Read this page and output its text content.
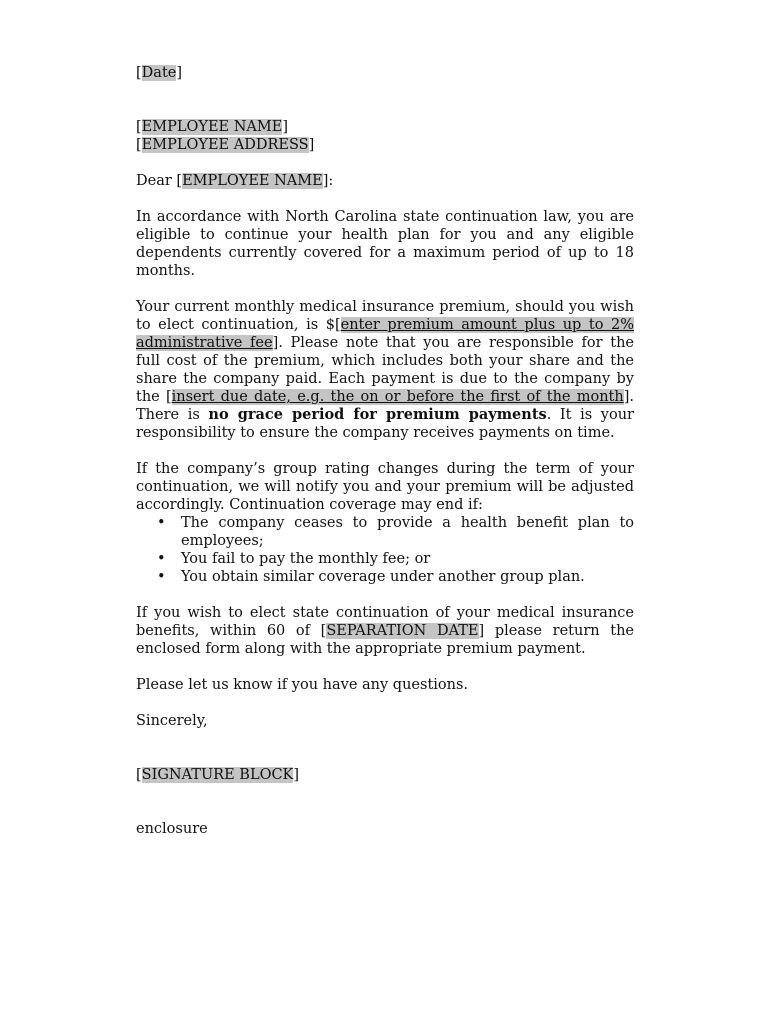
[Date]

[EMPLOYEE NAME]

[EMPLOYEE ADDRESS]

Dear [EMPLOYEE NAME]:

In accordance with North Carolina state continuation law, you are eligible to continue your health plan for you and any eligible dependents currently covered for a maximum period of up to 18 months.

Your current monthly medical insurance premium, should you wish to elect continuation, is $[enter premium amount plus up to 2% administrative fee]. Please note that you are responsible for the full cost of the premium, which includes both your share and the share the company paid. Each payment is due to the company by the [insert due date, e.g. the on or before the first of the month]. There is no grace period for premium payments. It is your responsibility to ensure the company receives payments on time.

If the company’s group rating changes during the term of your continuation, we will notify you and your premium will be adjusted accordingly. Continuation coverage may end if:

• The company ceases to provide a health benefit plan to employees;
• You fail to pay the monthly fee; or
• You obtain similar coverage under another group plan.

If you wish to elect state continuation of your medical insurance benefits, within 60 of [SEPARATION DATE] please return the enclosed form along with the appropriate premium payment.

Please let us know if you have any questions.

Sincerely,

[SIGNATURE BLOCK]

enclosure
